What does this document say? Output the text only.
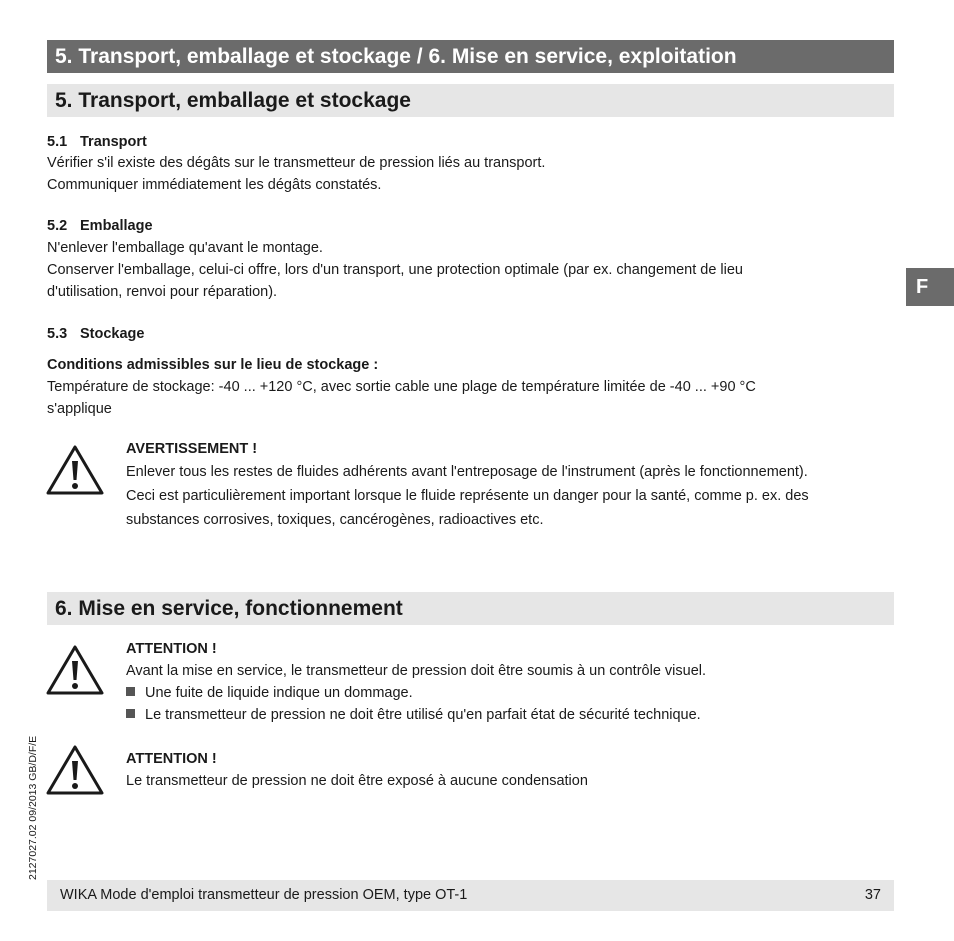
5. Transport, emballage et stockage / 6. Mise en service, exploitation
F
5. Transport, emballage et stockage
5.1 Transport
Vérifier s'il existe des dégâts sur le transmetteur de pression liés au transport.
Communiquer immédiatement les dégâts constatés.
5.2 Emballage
N'enlever l'emballage qu'avant le montage.
Conserver l'emballage, celui-ci offre, lors d'un transport, une protection optimale (par ex. changement de lieu
d'utilisation, renvoi pour réparation).
5.3 Stockage
Conditions admissibles sur le lieu de stockage :
Température de stockage: -40 ... +120 °C, avec sortie cable une plage de température limitée de -40 ... +90 °C
s'applique
AVERTISSEMENT !
Enlever tous les restes de fluides adhérents avant l'entreposage de l'instrument (après le fonctionnement).
Ceci est particulièrement important lorsque le fluide représente un danger pour la santé, comme p. ex. des
substances corrosives, toxiques, cancérogènes, radioactives etc.
6. Mise en service, fonctionnement
ATTENTION !
Avant la mise en service, le transmetteur de pression doit être soumis à un contrôle visuel.
Une fuite de liquide indique un dommage.
Le transmetteur de pression ne doit être utilisé qu'en parfait état de sécurité technique.
ATTENTION !
Le transmetteur de pression ne doit être exposé à aucune condensation
2127027.02 09/2013 GB/D/F/E
WIKA Mode d'emploi transmetteur de pression OEM, type OT-1	37
